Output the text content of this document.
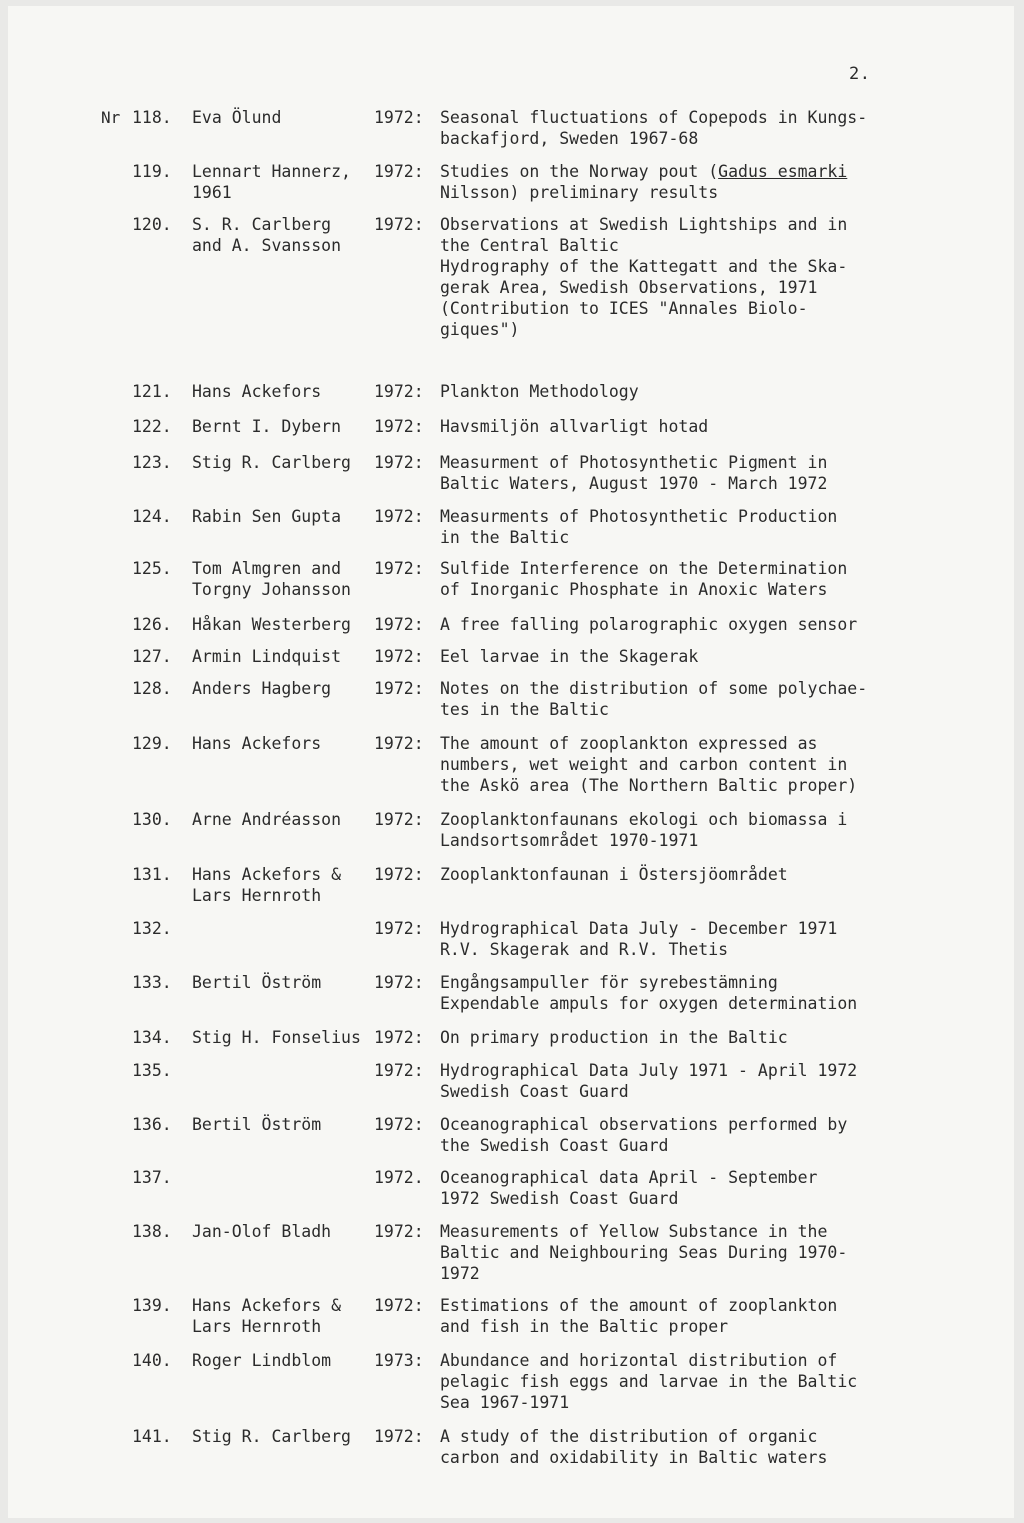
2.
Nr 118. Eva Ölund	1972: Seasonal fluctuations of Copepods in Kungs-
backafjord, Sweden 1967-68
119. Lennart Hannerz,
1961
1972: Studies on the Norway pout (Gadus esmarki
Nilsson) preliminary results
120. S. R. Carlberg
and A. Svansson
1972: Observations at Swedish Lightships and in
the Central Baltic
Hydrography of the Kattegatt and the Ska-
gerak Area, Swedish Observations, 1971
(Contribution to ICES "Annales Biolo-
giques")
121. Hans Ackefors	1972: Plankton Methodology
122. Bernt I. Dybern	1972: Havsmiljön allvarligt hotad
123. Stig R. Carlberg	1972: Measurment of Photosynthetic Pigment in
Baltic Waters, August 1970 - March 1972
124. Rabin Sen Gupta	1972: Measurments of Photosynthetic Production
in the Baltic
125. Tom Almgren and
Torgny Johansson
1972: Sulfide Interference on the Determination
of Inorganic Phosphate in Anoxic Waters
126. Håkan Westerberg	1972: A free falling polarographic oxygen sensor
127. Armin Lindquist	1972: Eel larvae in the Skagerak
128. Anders Hagberg	1972: Notes on the distribution of some polychae-
tes in the Baltic
129. Hans Ackefors	1972: The amount of zooplankton expressed as
numbers, wet weight and carbon content in
the Askö area (The Northern Baltic proper)
130. Arne Andréasson	1972: Zooplanktonfaunans ekologi och biomassa i
Landsortsområdet 1970-1971
131. Hans Ackefors &
Lars Hernroth
1972: Zooplanktonfaunan i Östersjöområdet
132.	1972: Hydrographical Data July - December 1971
R.V. Skagerak and R.V. Thetis
133. Bertil Öström	1972: Engångsampuller för syrebestämning
Expendable ampuls for oxygen determination
134. Stig H. Fonselius 1972: On primary production in the Baltic
135.	1972: Hydrographical Data July 1971 - April 1972
Swedish Coast Guard
136. Bertil Öström	1972: Oceanographical observations performed by
the Swedish Coast Guard
137.	1972. Oceanographical data April - September
1972 Swedish Coast Guard
138. Jan-Olof Bladh	1972: Measurements of Yellow Substance in the
Baltic and Neighbouring Seas During 1970-
1972
139. Hans Ackefors &
Lars Hernroth
1972: Estimations of the amount of zooplankton
and fish in the Baltic proper
140. Roger Lindblom	1973: Abundance and horizontal distribution of
pelagic fish eggs and larvae in the Baltic
Sea 1967-1971
141. Stig R. Carlberg	1972: A study of the distribution of organic
carbon and oxidability in Baltic waters
